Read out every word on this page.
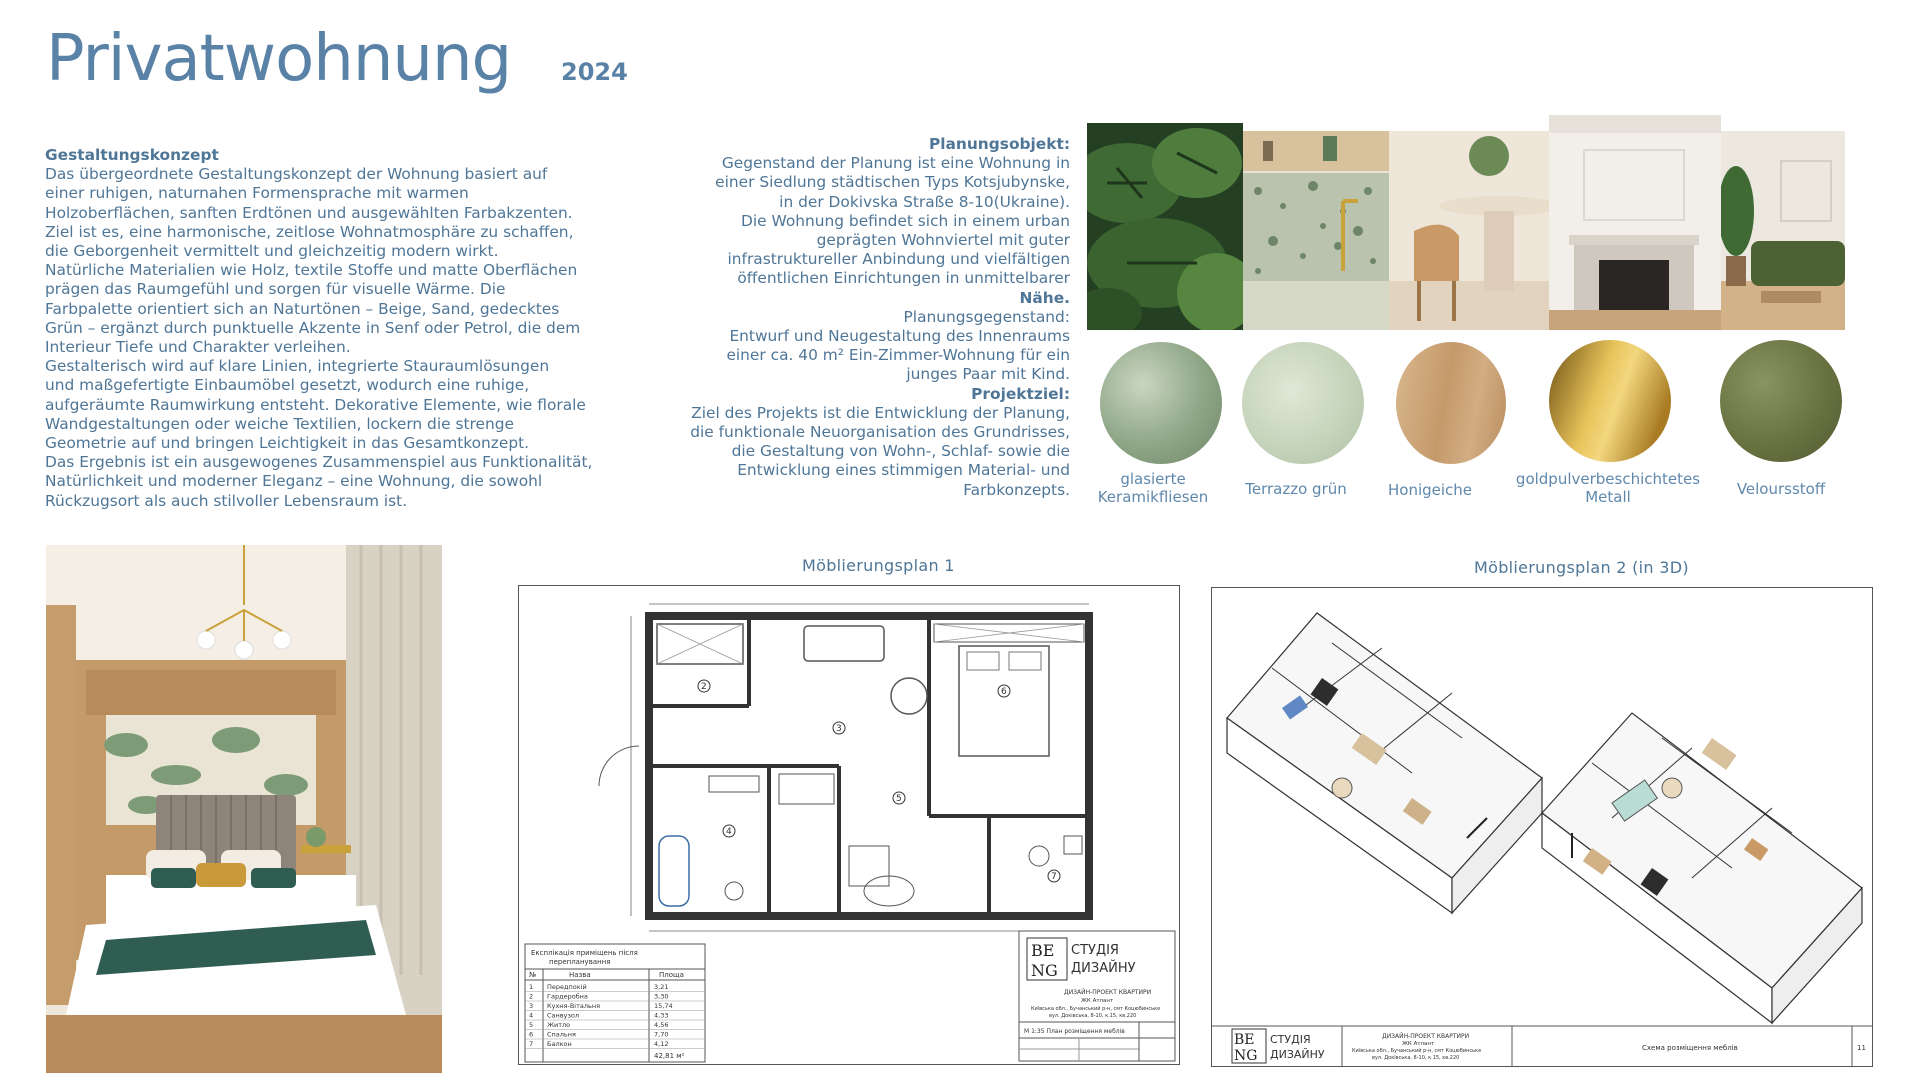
Privatwohnung 2024
Gestaltungskonzept
Das übergeordnete Gestaltungskonzept der Wohnung basiert auf
einer ruhigen, naturnahen Formensprache mit warmen
Holzoberflächen, sanften Erdtönen und ausgewählten Farbakzenten.
Ziel ist es, eine harmonische, zeitlose Wohnatmosphäre zu schaffen,
die Geborgenheit vermittelt und gleichzeitig modern wirkt.
Natürliche Materialien wie Holz, textile Stoffe und matte Oberflächen
prägen das Raumgefühl und sorgen für visuelle Wärme. Die
Farbpalette orientiert sich an Naturtönen – Beige, Sand, gedecktes
Grün – ergänzt durch punktuelle Akzente in Senf oder Petrol, die dem
Interieur Tiefe und Charakter verleihen.
Gestalterisch wird auf klare Linien, integrierte Stauraumlösungen
und maßgefertigte Einbaumöbel gesetzt, wodurch eine ruhige,
aufgeräumte Raumwirkung entsteht. Dekorative Elemente, wie florale
Wandgestaltungen oder weiche Textilien, lockern die strenge
Geometrie auf und bringen Leichtigkeit in das Gesamtkonzept.
Das Ergebnis ist ein ausgewogenes Zusammenspiel aus Funktionalität,
Natürlichkeit und moderner Eleganz – eine Wohnung, die sowohl
Rückzugsort als auch stilvoller Lebensraum ist.
Planungsobjekt:
Gegenstand der Planung ist eine Wohnung in
einer Siedlung städtischen Typs Kotsjubynske,
in der Dokivska Straße 8-10(Ukraine).
Die Wohnung befindet sich in einem urban
geprägten Wohnviertel mit guter
infrastruktureller Anbindung und vielfältigen
öffentlichen Einrichtungen in unmittelbarer
Nähe.
Planungsgegenstand:
Entwurf und Neugestaltung des Innenraums
einer ca. 40 m² Ein-Zimmer-Wohnung für ein
junges Paar mit Kind.
Projektziel:
Ziel des Projekts ist die Entwicklung der Planung,
die funktionale Neuorganisation des Grundrisses,
die Gestaltung von Wohn-, Schlaf- sowie die
Entwicklung eines stimmigen Material- und
Farbkonzepts.
glasierte
Keramikfliesen	Terrazzo grün	Honigeiche
goldpulverbeschichtetes
Metall	Veloursstoff
Möblierungsplan 1
2
3
4
5
6
7
Експлікація приміщень після
перепланування
№	Назва	Площа
1 Передпокій	3,21
2 Гардеробна	3,30
3 Кухня-Вітальня	15,74
4 Санвузол	4,33
5 Житло	4,56
6 Спальня	7,70
7 Балкон	4,12
42,81 м²
BE
NG
СТУДІЯ
ДИЗАЙНУ
ДИЗАЙН-ПРОЕКТ КВАРТИРИ
ЖК Атлант
Київська обл., Бучанський р-н, смт Коцюбинське
вул. Доківська, 8-10, к.15, кв.220
М 1:35 План розміщення меблів
Möblierungsplan 2 (in 3D)
BE
NG
СТУДІЯ
ДИЗАЙНУ
ДИЗАЙН-ПРОЕКТ КВАРТИРИ
ЖК Атлант
Київська обл., Бучанський р-н, смт Коцюбинське
вул. Доківська, 8-10, к.15, кв.220
Схема розміщення меблів	11
